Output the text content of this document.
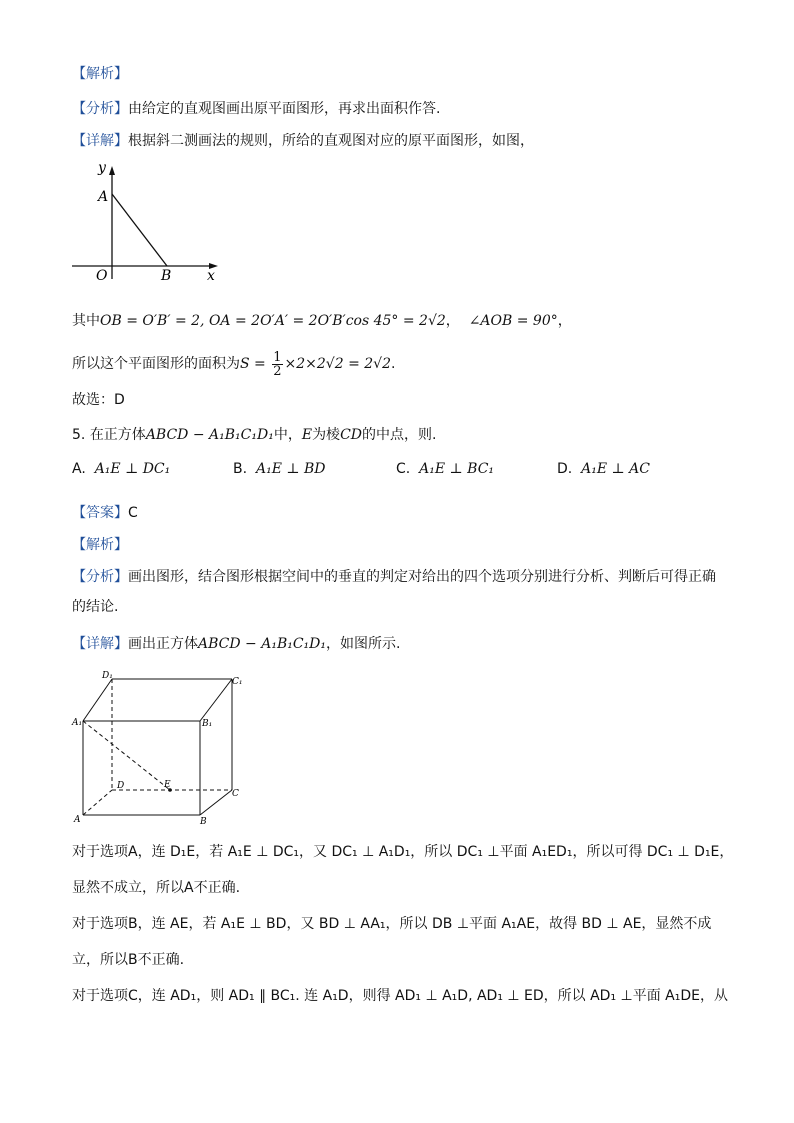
【解析】
【分析】由给定的直观图画出原平面图形，再求出面积作答.
【详解】根据斜二测画法的规则，所给的直观图对应的原平面图形，如图，
y
A
O	B	x
其中OB = O′B′ = 2, OA = 2O′A′ = 2O′B′cos 45° = 2√2， ∠AOB = 90°，
所以这个平面图形的面积为$S = \frac{1}{2} \times 2\times 2√2 = 2√2$.
故选：D
5. 在正方体ABCD − A₁B₁C₁D₁中，E为棱CD的中点，则.
A. A₁E ⊥ DC₁	B. A₁E ⊥ BD	C. A₁E ⊥ BC₁	D. A₁E ⊥ AC
【答案】C
【解析】
【分析】画出图形，结合图形根据空间中的垂直的判定对给出的四个选项分别进行分析、判断后可得正确
的结论.
【详解】画出正方体ABCD − A₁B₁C₁D₁，如图所示.
D₁
C₁
A₁	B₁
D	E
C
A	B
对于选项A，连 D₁E，若 A₁E ⊥ DC₁，又 DC₁ ⊥ A₁D₁，所以 DC₁ ⊥平面 A₁ED₁，所以可得 DC₁ ⊥ D₁E，
显然不成立，所以A不正确.
对于选项B，连 AE，若 A₁E ⊥ BD，又 BD ⊥ AA₁，所以 DB ⊥平面 A₁AE，故得 BD ⊥ AE，显然不成
立，所以B不正确.
对于选项C，连 AD₁，则 AD₁ ∥ BC₁. 连 A₁D，则得 AD₁ ⊥ A₁D, AD₁ ⊥ ED，所以 AD₁ ⊥平面 A₁DE，从
